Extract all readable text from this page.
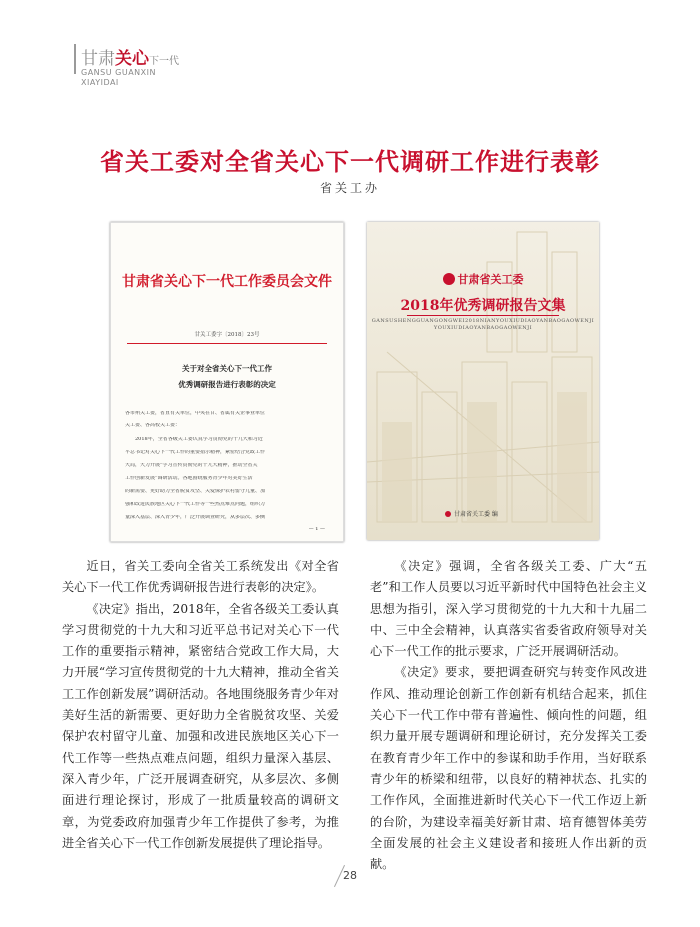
甘肃关心下一代
GANSU GUANXIN
XIAYIDAI
省关工委对全省关心下一代调研工作进行表彰
省关工办
甘肃省关心下一代工作委员会文件
甘关工委字〔2018〕23号
关于对全省关心下一代工作
优秀调研报告进行表彰的决定
各市州关工委，省直有关单位，中央在甘、省属有关企事业单位
关工委、各高校关工委：
　　2018年，全省各级关工委认真学习贯彻党的十九大和习近
平总书记对关心下一代工作的重要指示精神，紧密结合党政工作
大局，大力开展“学习宣传贯彻党的十九大精神，推动全省关
工作创新发展”调研活动。各地围绕服务青少年对美好生活
的新需要、更好助力全省脱贫攻坚、关爱保护农村留守儿童、加
强和改进民族地区关心下一代工作等一些热点难点问题，组织力
量深入基层、深入青少年，广泛开展调查研究，从多层次、多侧
— 1 —
甘肃省关工委
2018年优秀调研报告文集
GANSUSHENGGUANGONGWEI2018NIANYOUXIUDIAOYANBAOGAOWENJI
YOUXIUDIAOYANBAOGAOWENJI
甘肃省关工委 编

近日，省关工委向全省关工系统发出《对全省关心下一代工作优秀调研报告进行表彰的决定》。

《决定》指出，2018年，全省各级关工委认真学习贯彻党的十九大和习近平总书记对关心下一代工作的重要指示精神，紧密结合党政工作大局，大力开展“学习宣传贯彻党的十九大精神，推动全省关工工作创新发展”调研活动。各地围绕服务青少年对美好生活的新需要、更好助力全省脱贫攻坚、关爱保护农村留守儿童、加强和改进民族地区关心下一代工作等一些热点难点问题，组织力量深入基层、深入青少年，广泛开展调查研究，从多层次、多侧面进行理论探讨，形成了一批质量较高的调研文章，为党委政府加强青少年工作提供了参考，为推进全省关心下一代工作创新发展提供了理论指导。

《决定》强调，全省各级关工委、广大“五老”和工作人员要以习近平新时代中国特色社会主义思想为指引，深入学习贯彻党的十九大和十九届二中、三中全会精神，认真落实省委省政府领导对关心下一代工作的批示要求，广泛开展调研活动。

《决定》要求，要把调查研究与转变作风改进作风、推动理论创新工作创新有机结合起来，抓住关心下一代工作中带有普遍性、倾向性的问题，组织力量开展专题调研和理论研讨，充分发挥关工委在教育青少年工作中的参谋和助手作用，当好联系青少年的桥梁和纽带，以良好的精神状态、扎实的工作作风，全面推进新时代关心下一代工作迈上新的台阶，为建设幸福美好新甘肃、培育德智体美劳全面发展的社会主义建设者和接班人作出新的贡献。

28
